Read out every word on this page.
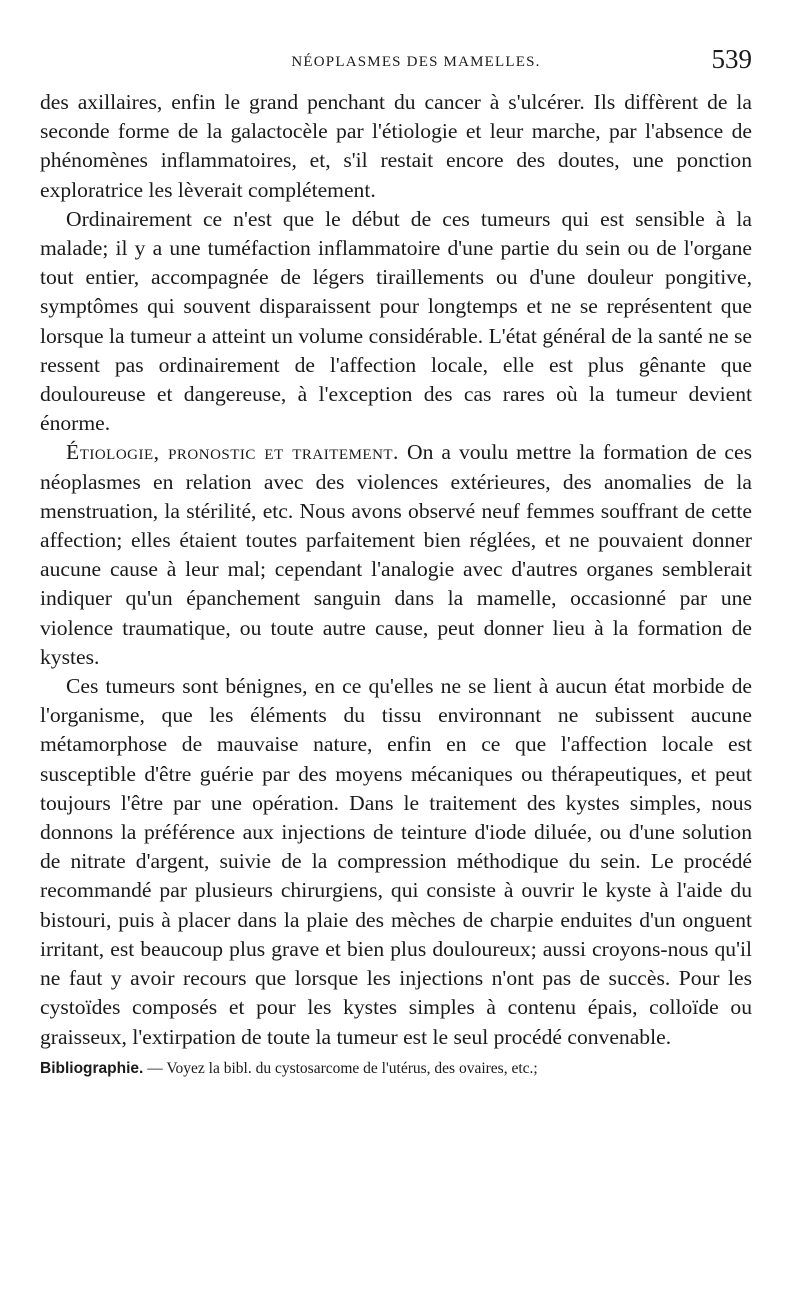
NÉOPLASMES DES MAMELLES.	539

des axillaires, enfin le grand penchant du cancer à s'ulcérer. Ils diffèrent de la seconde forme de la galactocèle par l'étiologie et leur marche, par l'absence de phénomènes inflammatoires, et, s'il restait encore des doutes, une ponction exploratrice les lèverait complétement.

Ordinairement ce n'est que le début de ces tumeurs qui est sensible à la malade; il y a une tuméfaction inflammatoire d'une partie du sein ou de l'organe tout entier, accompagnée de légers tiraillements ou d'une douleur pongitive, symptômes qui souvent disparaissent pour longtemps et ne se représentent que lorsque la tumeur a atteint un volume considérable. L'état général de la santé ne se ressent pas ordinairement de l'affection locale, elle est plus gênante que douloureuse et dangereuse, à l'exception des cas rares où la tumeur devient énorme.

Étiologie, pronostic et traitement. On a voulu mettre la formation de ces néoplasmes en relation avec des violences extérieures, des anomalies de la menstruation, la stérilité, etc. Nous avons observé neuf femmes souffrant de cette affection; elles étaient toutes parfaitement bien réglées, et ne pouvaient donner aucune cause à leur mal; cependant l'analogie avec d'autres organes semblerait indiquer qu'un épanchement sanguin dans la mamelle, occasionné par une violence traumatique, ou toute autre cause, peut donner lieu à la formation de kystes.

Ces tumeurs sont bénignes, en ce qu'elles ne se lient à aucun état morbide de l'organisme, que les éléments du tissu environnant ne subissent aucune métamorphose de mauvaise nature, enfin en ce que l'affection locale est susceptible d'être guérie par des moyens mécaniques ou thérapeutiques, et peut toujours l'être par une opération. Dans le traitement des kystes simples, nous donnons la préférence aux injections de teinture d'iode diluée, ou d'une solution de nitrate d'argent, suivie de la compression méthodique du sein. Le procédé recommandé par plusieurs chirurgiens, qui consiste à ouvrir le kyste à l'aide du bistouri, puis à placer dans la plaie des mèches de charpie enduites d'un onguent irritant, est beaucoup plus grave et bien plus douloureux; aussi croyons-nous qu'il ne faut y avoir recours que lorsque les injections n'ont pas de succès. Pour les cystoïdes composés et pour les kystes simples à contenu épais, colloïde ou graisseux, l'extirpation de toute la tumeur est le seul procédé convenable.

Bibliographie. — Voyez la bibl. du cystosarcome de l'utérus, des ovaires, etc.;
